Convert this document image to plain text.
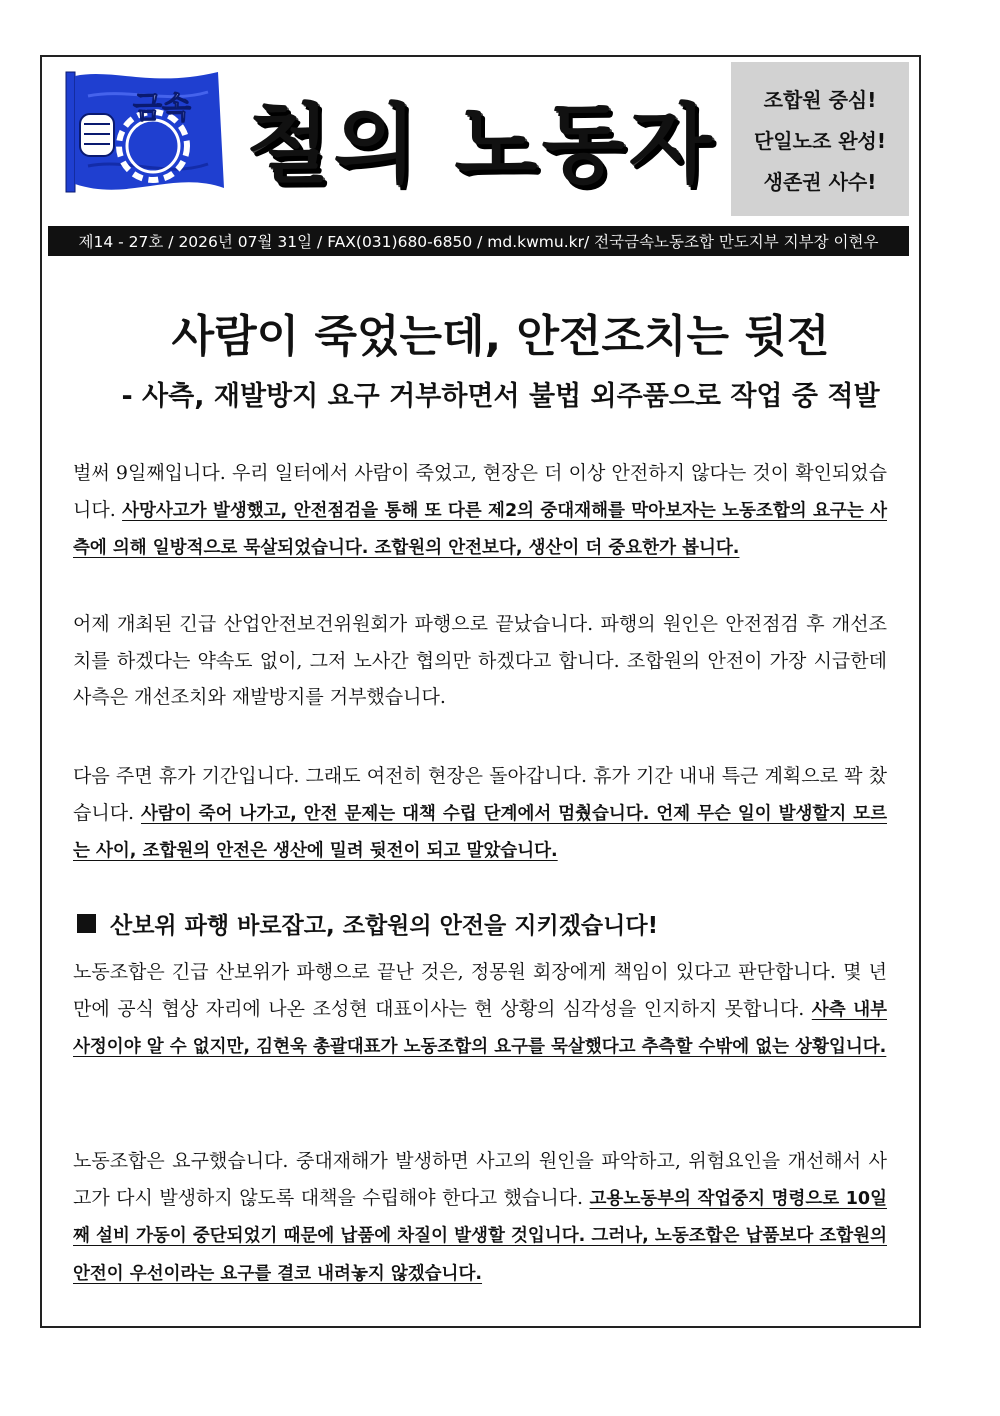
금속 철의 노동자 조합원 중심!
단일노조 완성!
생존권 사수!
제14 - 27호 / 2026년 07월 31일 / FAX(031)680-6850 / md.kwmu.kr/ 전국금속노동조합 만도지부 지부장 이현우
사람이 죽었는데, 안전조치는 뒷전
- 사측, 재발방지 요구 거부하면서 불법 외주품으로 작업 중 적발
벌써 9일째입니다. 우리 일터에서 사람이 죽었고, 현장은 더 이상 안전하지 않다는 것이 확인되었습니다. 사망사고가 발생했고, 안전점검을 통해 또 다른 제2의 중대재해를 막아보자는 노동조합의 요구는 사측에 의해 일방적으로 묵살되었습니다. 조합원의 안전보다, 생산이 더 중요한가 봅니다.
어제 개최된 긴급 산업안전보건위원회가 파행으로 끝났습니다. 파행의 원인은 안전점검 후 개선조치를 하겠다는 약속도 없이, 그저 노사간 협의만 하겠다고 합니다. 조합원의 안전이 가장 시급한데 사측은 개선조치와 재발방지를 거부했습니다.
다음 주면 휴가 기간입니다. 그래도 여전히 현장은 돌아갑니다. 휴가 기간 내내 특근 계획으로 꽉 찼습니다. 사람이 죽어 나가고, 안전 문제는 대책 수립 단계에서 멈췄습니다. 언제 무슨 일이 발생할지 모르는 사이, 조합원의 안전은 생산에 밀려 뒷전이 되고 말았습니다.
산보위 파행 바로잡고, 조합원의 안전을 지키겠습니다!
노동조합은 긴급 산보위가 파행으로 끝난 것은, 정몽원 회장에게 책임이 있다고 판단합니다. 몇 년만에 공식 협상 자리에 나온 조성현 대표이사는 현 상황의 심각성을 인지하지 못합니다. 사측 내부 사정이야 알 수 없지만, 김현욱 총괄대표가 노동조합의 요구를 묵살했다고 추측할 수밖에 없는 상황입니다.
노동조합은 요구했습니다. 중대재해가 발생하면 사고의 원인을 파악하고, 위험요인을 개선해서 사고가 다시 발생하지 않도록 대책을 수립해야 한다고 했습니다. 고용노동부의 작업중지 명령으로 10일째 설비 가동이 중단되었기 때문에 납품에 차질이 발생할 것입니다. 그러나, 노동조합은 납품보다 조합원의 안전이 우선이라는 요구를 결코 내려놓지 않겠습니다.
